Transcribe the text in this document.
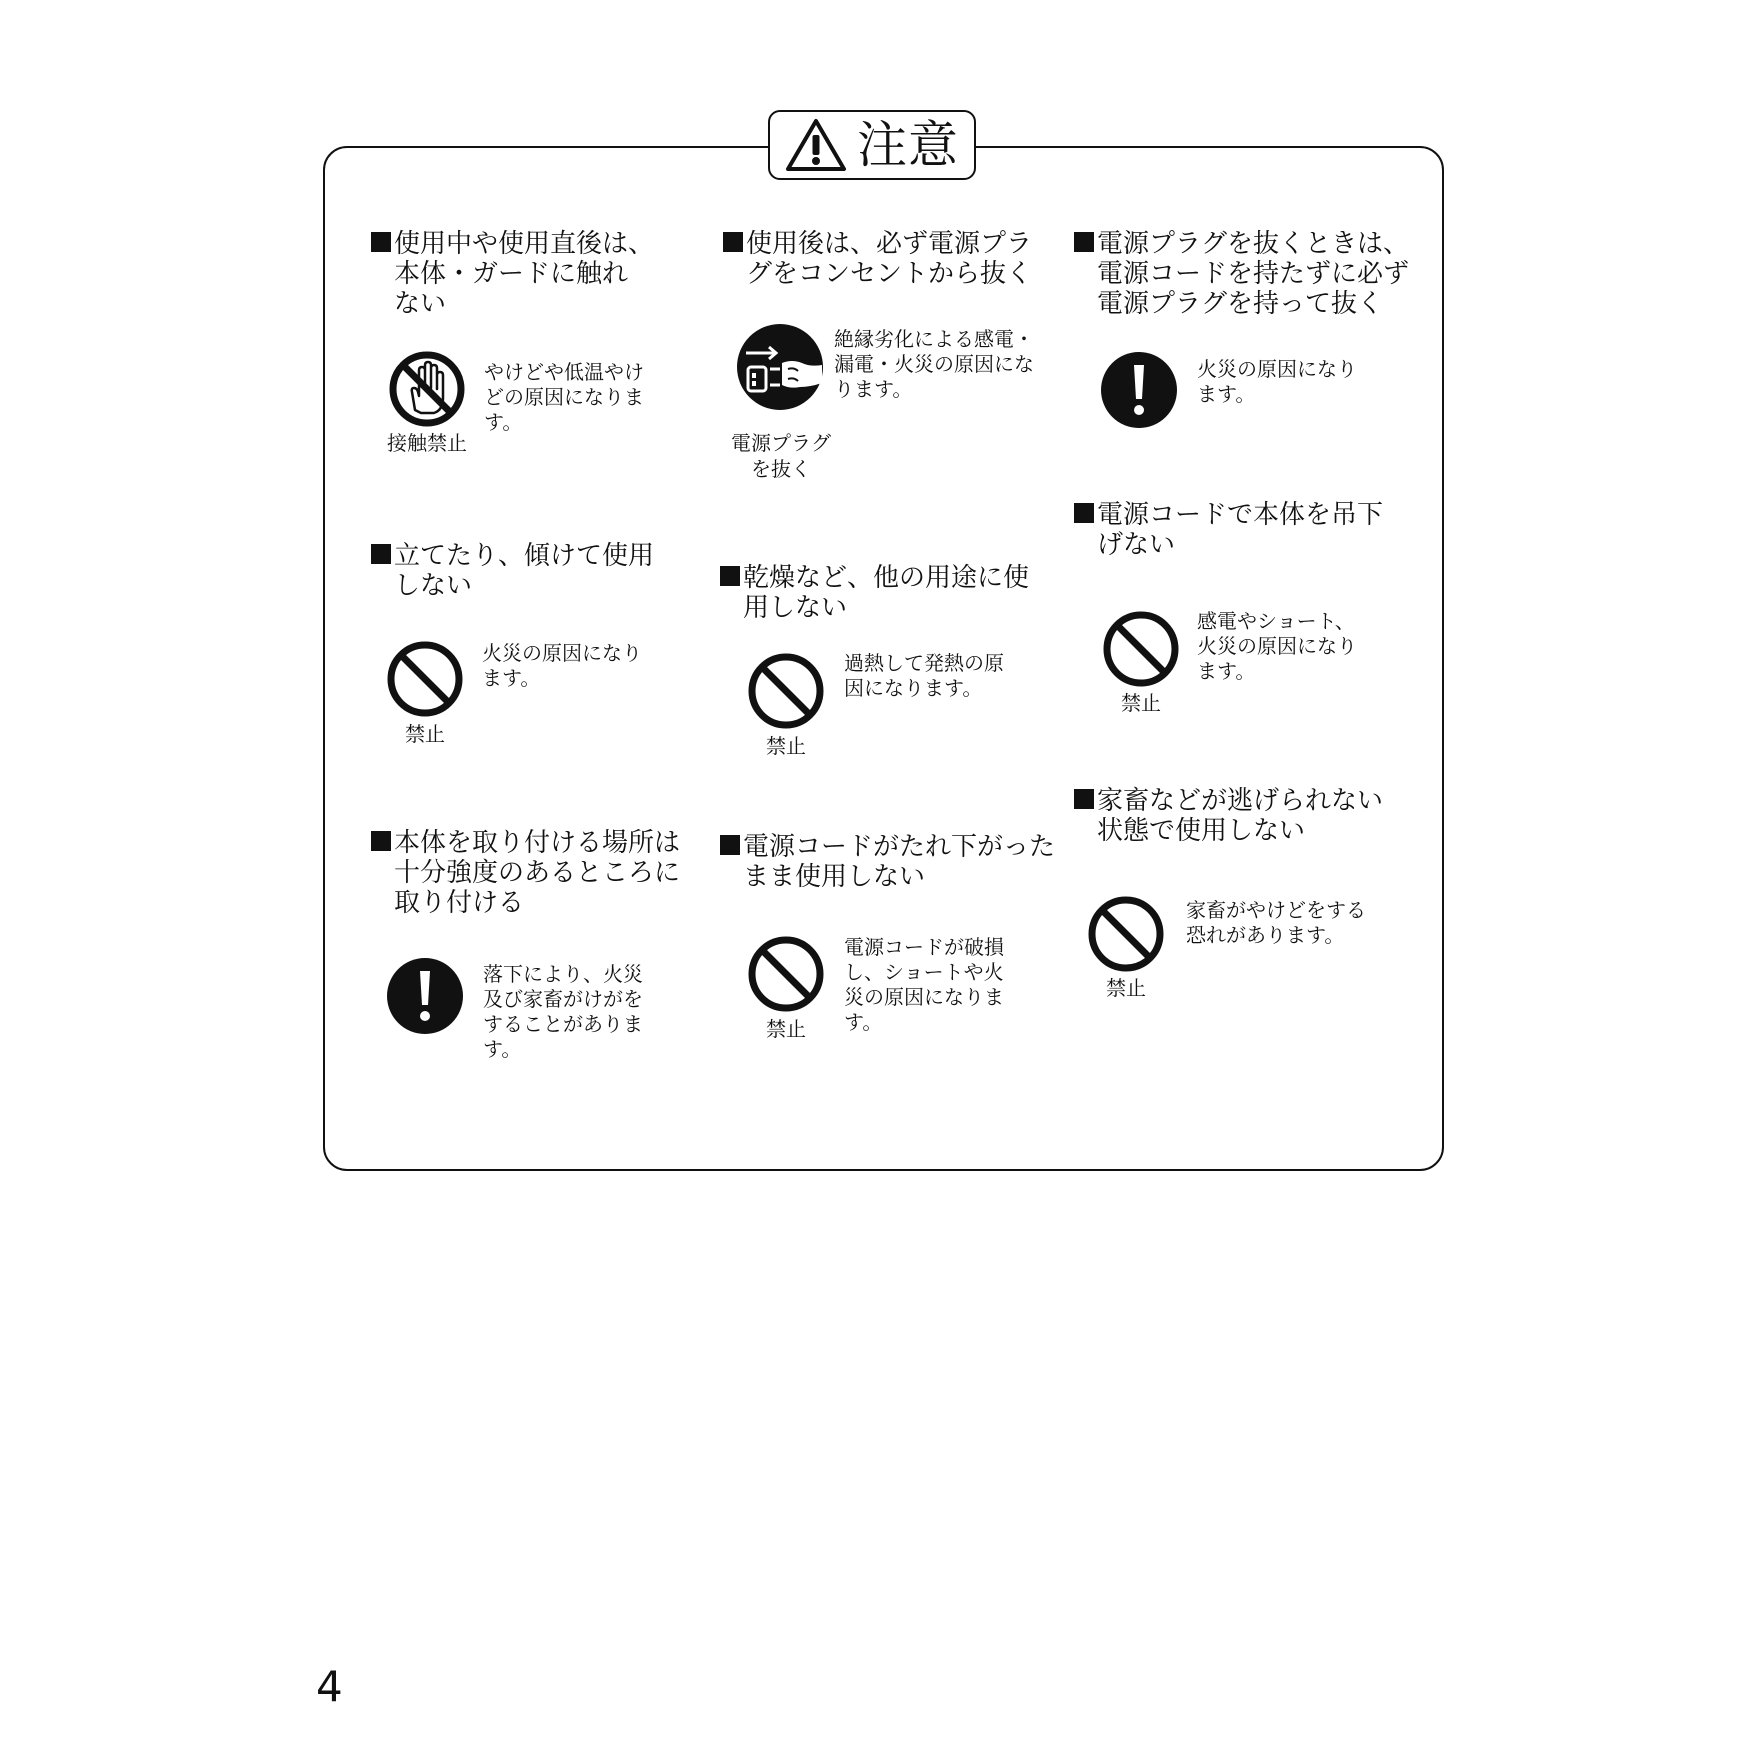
注意
使用中や使用直後は、
本体・ガードに触れ
ない
接触禁止
やけどや低温やけ
どの原因になりま
す。
使用後は、必ず電源プラ
グをコンセントから抜く
電源プラグ
を抜く
絶縁劣化による感電・
漏電・火災の原因にな
ります。
電源プラグを抜くときは、
電源コードを持たずに必ず
電源プラグを持って抜く
火災の原因になり
ます。
立てたり、傾けて使用
しない
禁止
火災の原因になり
ます。
乾燥など、他の用途に使
用しない
禁止
過熱して発熱の原
因になります。
電源コードで本体を吊下
げない
禁止
感電やショート、
火災の原因になり
ます。
本体を取り付ける場所は
十分強度のあるところに
取り付ける
落下により、火災
及び家畜がけがを
することがありま
す。
電源コードがたれ下がった
まま使用しない
禁止
電源コードが破損
し、ショートや火
災の原因になりま
す。
家畜などが逃げられない
状態で使用しない
禁止
家畜がやけどをする
恐れがあります。
4
